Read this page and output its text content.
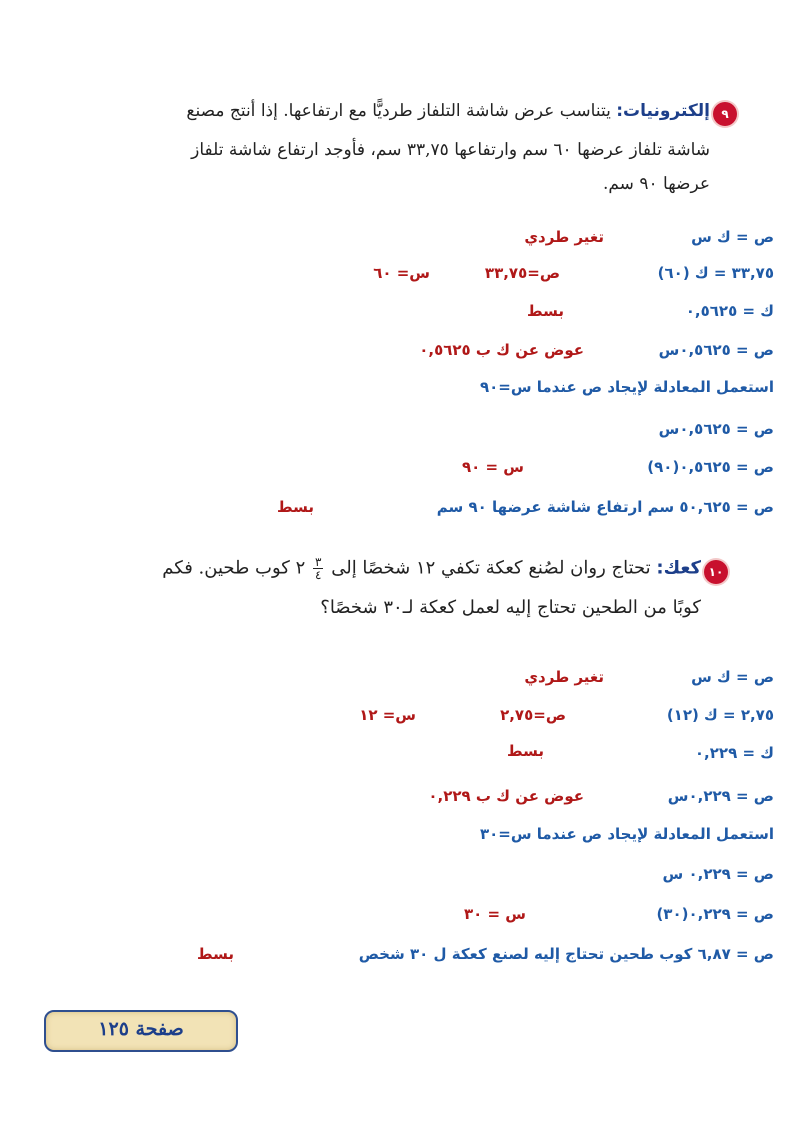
٩
إلكترونيات: يتناسب عرض شاشة التلفاز طرديًّا مع ارتفاعها. إذا أنتج مصنع
شاشة تلفاز عرضها ٦٠ سم وارتفاعها ٣٣,٧٥ سم، فأوجد ارتفاع شاشة تلفاز
عرضها ٩٠ سم.
ص = ك س
تغير طردي
٣٣,٧٥ = ك (٦٠)
ص=٣٣,٧٥
س= ٦٠
ك = ٠,٥٦٢٥
بسط
ص = ٠,٥٦٢٥س
عوض عن ك ب ٠,٥٦٢٥
استعمل المعادلة لإيجاد ص عندما س=٩٠
ص = ٠,٥٦٢٥س
ص = ٠,٥٦٢٥(٩٠)
س = ٩٠
ص = ٥٠,٦٢٥ سم ارتفاع شاشة عرضها ٩٠ سم
بسط
١٠
كعك: تحتاج روان لصُنع كعكة تكفي ١٢ شخصًا إلى
$\frac{٣}{٤}$
٢ كوب طحين. فكم
كوبًا من الطحين تحتاج إليه لعمل كعكة لـ٣٠ شخصًا؟
ص = ك س
تغير طردي
٢,٧٥ = ك (١٢)
ص=٢,٧٥
س= ١٢
ك = ٠,٢٢٩
بسط
ص = ٠,٢٢٩س
عوض عن ك ب ٠,٢٢٩
استعمل المعادلة لإيجاد ص عندما س=٣٠
ص = ٠,٢٢٩ س
ص = ٠,٢٢٩(٣٠)
س = ٣٠
ص = ٦,٨٧ كوب طحين تحتاج إليه لصنع كعكة ل ٣٠ شخص
بسط
صفحة ١٢٥
